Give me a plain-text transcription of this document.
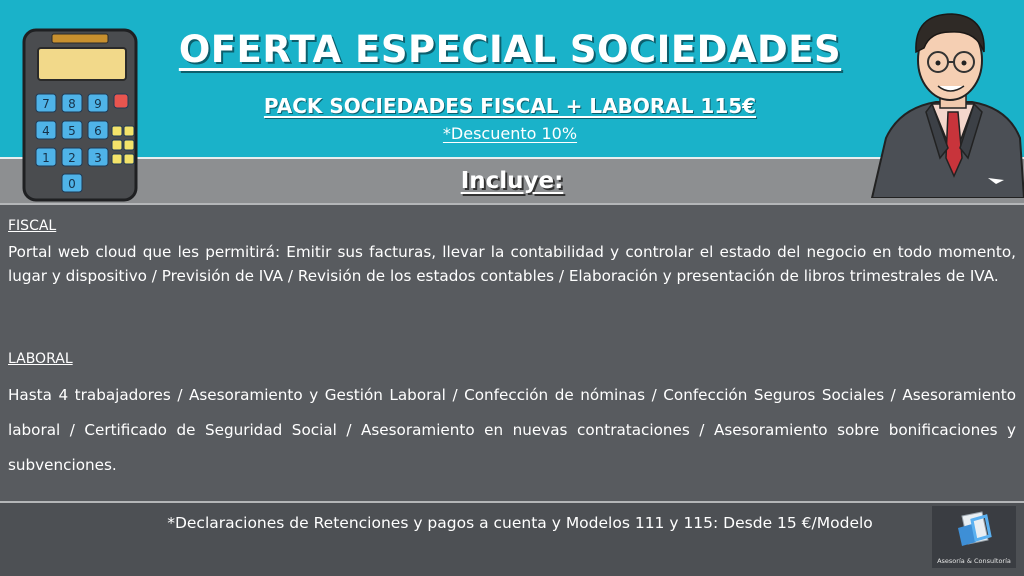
7 8 9
4 5 6
1 2 3
0
OFERTA ESPECIAL SOCIEDADES
PACK SOCIEDADES FISCAL + LABORAL 115€
*Descuento 10%
Incluye:
FISCAL
Portal web cloud que les permitirá: Emitir sus facturas, llevar la contabilidad y controlar el estado del negocio en todo momento, lugar y dispositivo / Previsión de IVA / Revisión de los estados contables / Elaboración y presentación de libros trimestrales de IVA.
LABORAL
Hasta 4 trabajadores / Asesoramiento y Gestión Laboral / Confección de nóminas / Confección Seguros Sociales / Asesoramiento laboral / Certificado de Seguridad Social / Asesoramiento en nuevas contrataciones / Asesoramiento sobre bonificaciones y subvenciones.
*Declaraciones de Retenciones y pagos a cuenta y Modelos 111 y 115: Desde 15 €/Modelo
Asesoría & Consultoría
